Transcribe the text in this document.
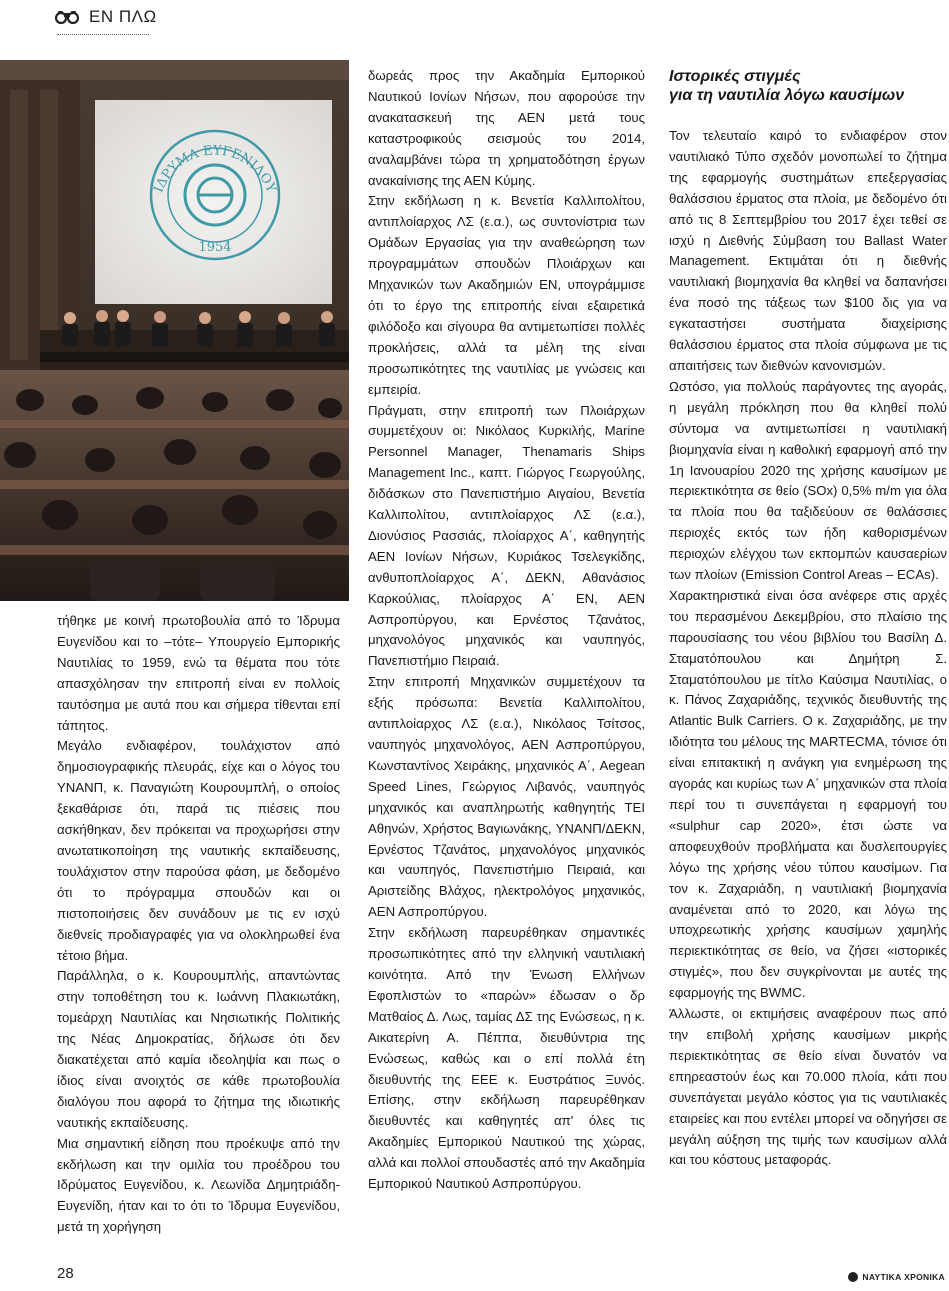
ΕΝ ΠΛΩ
ΙΔΡΥΜΑ ΕΥΓΕΝΙΔΟΥ
1954

τήθηκε με κοινή πρωτοβουλία από το Ίδρυμα Ευγενίδου και το –τότε– Υπουργείο Εμπορικής Ναυτιλίας το 1959, ενώ τα θέματα που τότε απασχόλησαν την επιτροπή είναι εν πολλοίς ταυτόσημα με αυτά που και σήμερα τίθενται επί τάπητος.

Μεγάλο ενδιαφέρον, τουλάχιστον από δημοσιογραφικής πλευράς, είχε και ο λόγος του ΥΝΑΝΠ, κ. Παναγιώτη Κουρουμπλή, ο οποίος ξεκαθάρισε ότι, παρά τις πιέσεις που ασκήθηκαν, δεν πρόκειται να προχωρήσει στην ανωτατικοποίηση της ναυτικής εκπαίδευσης, τουλάχιστον στην παρούσα φάση, με δεδομένο ότι το πρόγραμμα σπουδών και οι πιστοποιήσεις δεν συνάδουν με τις εν ισχύ διεθνείς προδιαγραφές για να ολοκληρωθεί ένα τέτοιο βήμα.

Παράλληλα, ο κ. Κουρουμπλής, απαντώντας στην τοποθέτηση του κ. Ιωάννη Πλακιωτάκη, τομεάρχη Ναυτιλίας και Νησιωτικής Πολιτικής της Νέας Δημοκρατίας, δήλωσε ότι δεν διακατέχεται από καμία ιδεοληψία και πως ο ίδιος είναι ανοιχτός σε κάθε πρωτοβουλία διαλόγου που αφορά το ζήτημα της ιδιωτικής ναυτικής εκπαίδευσης.

Μια σημαντική είδηση που προέκυψε από την εκδήλωση και την ομιλία του προέδρου του Ιδρύματος Ευγενίδου, κ. Λεωνίδα Δημητριάδη-Ευγενίδη, ήταν και το ότι το Ίδρυμα Ευγενίδου, μετά τη χορήγηση

δωρεάς προς την Ακαδημία Εμπορικού Ναυτικού Ιονίων Νήσων, που αφορούσε την ανακατασκευή της ΑΕΝ μετά τους καταστροφικούς σεισμούς του 2014, αναλαμβάνει τώρα τη χρηματοδότηση έργων ανακαίνισης της ΑΕΝ Κύμης.

Στην εκδήλωση η κ. Βενετία Καλλιπολίτου, αντιπλοίαρχος ΛΣ (ε.α.), ως συντονίστρια των Ομάδων Εργασίας για την αναθεώρηση των προγραμμάτων σπουδών Πλοιάρχων και Μηχανικών των Ακαδημιών ΕΝ, υπογράμμισε ότι το έργο της επιτροπής είναι εξαιρετικά φιλόδοξο και σίγουρα θα αντιμετωπίσει πολλές προκλήσεις, αλλά τα μέλη της είναι προσωπικότητες της ναυτιλίας με γνώσεις και εμπειρία.

Πράγματι, στην επιτροπή των Πλοιάρχων συμμετέχουν οι: Νικόλαος Κυρκιλής, Marine Personnel Manager, Thenamaris Ships Management Inc., καπτ. Γιώργος Γεωργούλης, διδάσκων στο Πανεπιστήμιο Αιγαίου, Βενετία Καλλιπολίτου, αντιπλοίαρχος ΛΣ (ε.α.), Διονύσιος Ρασσιάς, πλοίαρχος Α΄, καθηγητής ΑΕΝ Ιονίων Νήσων, Κυριάκος Τσελεγκίδης, ανθυποπλοίαρχος Α΄, ΔΕΚΝ, Αθανάσιος Καρκούλιας, πλοίαρχος Α΄ ΕΝ, ΑΕΝ Ασπροπύργου, και Ερνέστος Τζανάτος, μηχανολόγος μηχανικός και ναυπηγός, Πανεπιστήμιο Πειραιά.

Στην επιτροπή Μηχανικών συμμετέχουν τα εξής πρόσωπα: Βενετία Καλλιπολίτου, αντιπλοίαρχος ΛΣ (ε.α.), Νικόλαος Τσίτσος, ναυπηγός μηχανολόγος, ΑΕΝ Ασπροπύργου, Κωνσταντίνος Χειράκης, μηχανικός Α΄, Aegean Speed Lines, Γεώργιος Λιβανός, ναυπηγός μηχανικός και αναπληρωτής καθηγητής ΤΕΙ Αθηνών, Χρήστος Βαγιωνάκης, ΥΝΑΝΠ/ΔΕΚΝ, Ερνέστος Τζανάτος, μηχανολόγος μηχανικός και ναυπηγός, Πανεπιστήμιο Πειραιά, και Αριστείδης Βλάχος, ηλεκτρολόγος μηχανικός, ΑΕΝ Ασπροπύργου.

Στην εκδήλωση παρευρέθηκαν σημαντικές προσωπικότητες από την ελληνική ναυτιλιακή κοινότητα. Από την Ένωση Ελλήνων Εφοπλιστών το «παρών» έδωσαν ο δρ Ματθαίος Δ. Λως, ταμίας ΔΣ της Ενώσεως, η κ. Αικατερίνη Α. Πέππα, διευθύντρια της Ενώσεως, καθώς και ο επί πολλά έτη διευθυντής της ΕΕΕ κ. Ευστράτιος Ξυνός. Επίσης, στην εκδήλωση παρευρέθηκαν διευθυντές και καθηγητές απ' όλες τις Ακαδημίες Εμπορικού Ναυτικού της χώρας, αλλά και πολλοί σπουδαστές από την Ακαδημία Εμπορικού Ναυτικού Ασπροπύργου.

Ιστορικές στιγμές
για τη ναυτιλία λόγω καυσίμων

Τον τελευταίο καιρό το ενδιαφέρον στον ναυτιλιακό Τύπο σχεδόν μονοπωλεί το ζήτημα της εφαρμογής συστημάτων επεξεργασίας θαλάσσιου έρματος στα πλοία, με δεδομένο ότι από τις 8 Σεπτεμβρίου του 2017 έχει τεθεί σε ισχύ η Διεθνής Σύμβαση του Ballast Water Management. Εκτιμάται ότι η διεθνής ναυτιλιακή βιομηχανία θα κληθεί να δαπανήσει ένα ποσό της τάξεως των $100 δις για να εγκαταστήσει συστήματα διαχείρισης θαλάσσιου έρματος στα πλοία σύμφωνα με τις απαιτήσεις των διεθνών κανονισμών.

Ωστόσο, για πολλούς παράγοντες της αγοράς, η μεγάλη πρόκληση που θα κληθεί πολύ σύντομα να αντιμετωπίσει η ναυτιλιακή βιομηχανία είναι η καθολική εφαρμογή από την 1η Ιανουαρίου 2020 της χρήσης καυσίμων με περιεκτικότητα σε θείο (SOx) 0,5% m/m για όλα τα πλοία που θα ταξιδεύουν σε θαλάσσιες περιοχές εκτός των ήδη καθορισμένων περιοχών ελέγχου των εκπομπών καυσαερίων των πλοίων (Emission Control Areas – ECAs).

Χαρακτηριστικά είναι όσα ανέφερε στις αρχές του περασμένου Δεκεμβρίου, στο πλαίσιο της παρουσίασης του νέου βιβλίου του Βασίλη Δ. Σταματόπουλου και Δημήτρη Σ. Σταματόπουλου με τίτλο Καύσιμα Ναυτιλίας, ο κ. Πάνος Ζαχαριάδης, τεχνικός διευθυντής της Atlantic Bulk Carriers. Ο κ. Ζαχαριάδης, με την ιδιότητα του μέλους της MARTECMA, τόνισε ότι είναι επιτακτική η ανάγκη για ενημέρωση της αγοράς και κυρίως των Α΄ μηχανικών στα πλοία περί του τι συνεπάγεται η εφαρμογή του «sulphur cap 2020», έτσι ώστε να αποφευχθούν προβλήματα και δυσλειτουργίες λόγω της χρήσης νέου τύπου καυσίμων. Για τον κ. Ζαχαριάδη, η ναυτιλιακή βιομηχανία αναμένεται από το 2020, και λόγω της υποχρεωτικής χρήσης καυσίμων χαμηλής περιεκτικότητας σε θείο, να ζήσει «ιστορικές στιγμές», που δεν συγκρίνονται με αυτές της εφαρμογής της BWMC.

Άλλωστε, οι εκτιμήσεις αναφέρουν πως από την επιβολή χρήσης καυσίμων μικρής περιεκτικότητας σε θείο είναι δυνατόν να επηρεαστούν έως και 70.000 πλοία, κάτι που συνεπάγεται μεγάλο κόστος για τις ναυτιλιακές εταιρείες και που εντέλει μπορεί να οδηγήσει σε μεγάλη αύξηση της τιμής των καυσίμων αλλά και του κόστους μεταφοράς.

28	ΝΑΥΤΙΚΑ ΧΡΟΝΙΚΑ
